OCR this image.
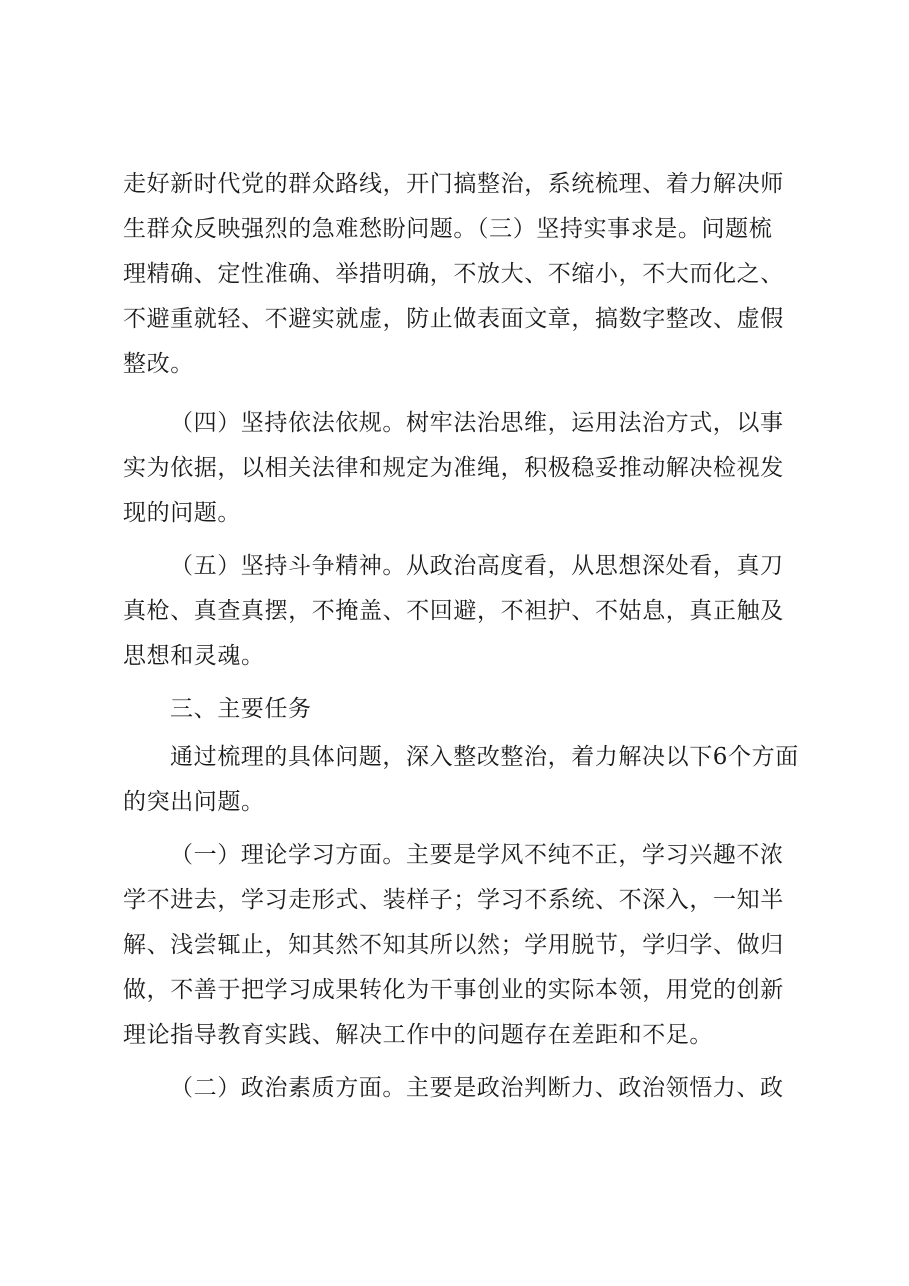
走好新时代党的群众路线，开门搞整治，系统梳理、着力解决师
生群众反映强烈的急难愁盼问题。（三）坚持实事求是。问题梳
理精确、定性准确、举措明确，不放大、不缩小，不大而化之、
不避重就轻、不避实就虚，防止做表面文章，搞数字整改、虚假
整改。
（四）坚持依法依规。树牢法治思维，运用法治方式，以事
实为依据，以相关法律和规定为准绳，积极稳妥推动解决检视发
现的问题。
（五）坚持斗争精神。从政治高度看，从思想深处看，真刀
真枪、真查真摆，不掩盖、不回避，不袒护、不姑息，真正触及
思想和灵魂。
三、主要任务
通过梳理的具体问题，深入整改整治，着力解决以下6个方面
的突出问题。
（一）理论学习方面。主要是学风不纯不正，学习兴趣不浓
学不进去，学习走形式、装样子；学习不系统、不深入，一知半
解、浅尝辄止，知其然不知其所以然；学用脱节，学归学、做归
做，不善于把学习成果转化为干事创业的实际本领，用党的创新
理论指导教育实践、解决工作中的问题存在差距和不足。
（二）政治素质方面。主要是政治判断力、政治领悟力、政
